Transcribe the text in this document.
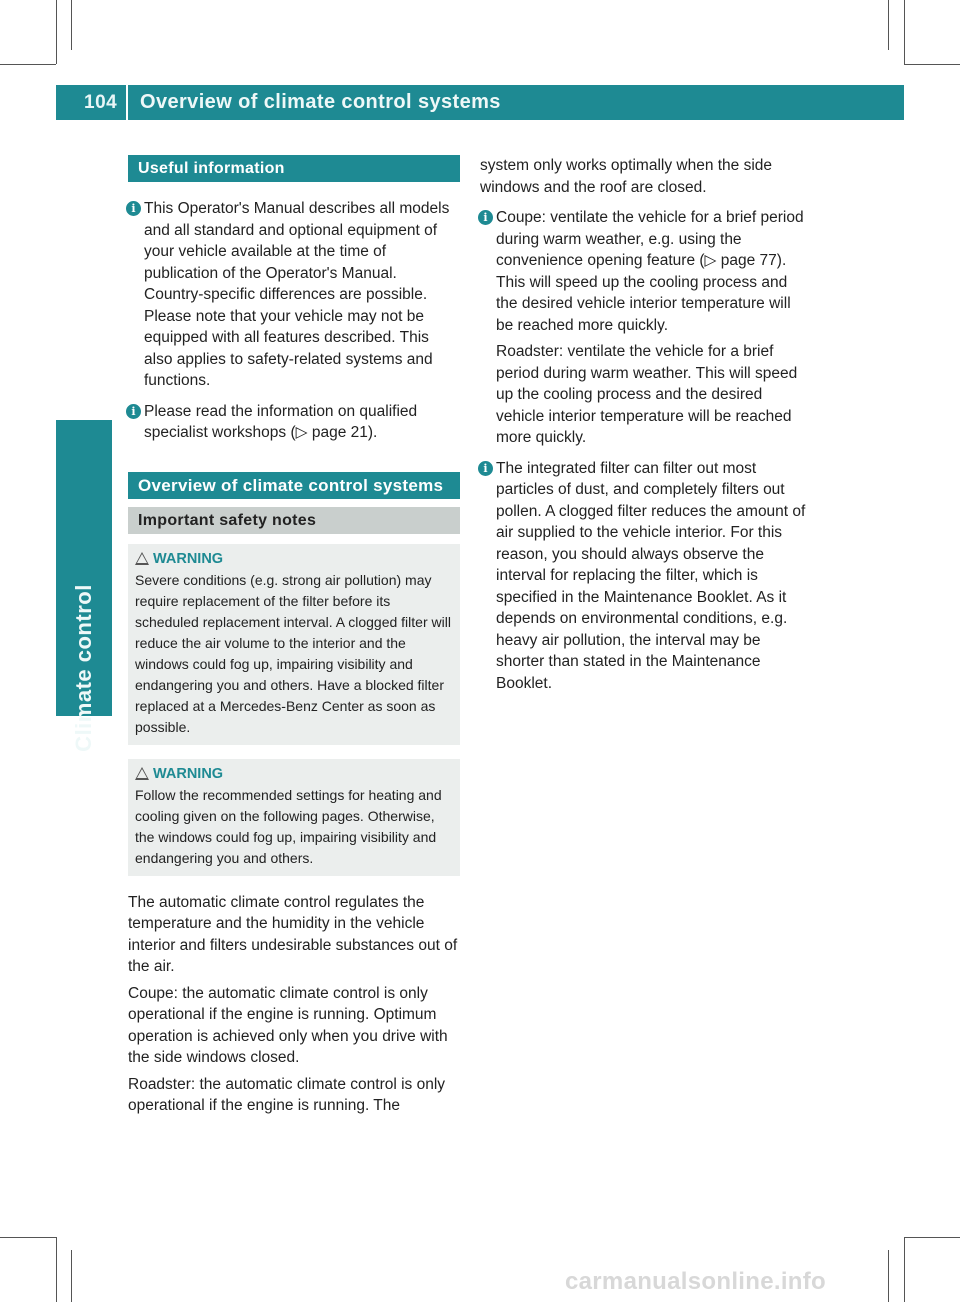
104 Overview of climate control systems
Climate control
Useful information
i This Operator's Manual describes all models and all standard and optional equipment of your vehicle available at the time of publication of the Operator's Manual. Country-specific differences are possible. Please note that your vehicle may not be equipped with all features described. This also applies to safety-related systems and functions.
i Please read the information on qualified specialist workshops (▷ page 21).
Overview of climate control systems
Important safety notes
WARNING
Severe conditions (e.g. strong air pollution) may require replacement of the filter before its scheduled replacement interval. A clogged filter will reduce the air volume to the interior and the windows could fog up, impairing visibility and endangering you and others. Have a blocked filter replaced at a Mercedes-Benz Center as soon as possible.
WARNING
Follow the recommended settings for heating and cooling given on the following pages. Otherwise, the windows could fog up, impairing visibility and endangering you and others.
The automatic climate control regulates the temperature and the humidity in the vehicle interior and filters undesirable substances out of the air.
Coupe: the automatic climate control is only operational if the engine is running. Optimum operation is achieved only when you drive with the side windows closed.
Roadster: the automatic climate control is only operational if the engine is running. The
system only works optimally when the side windows and the roof are closed.
i Coupe: ventilate the vehicle for a brief period during warm weather, e.g. using the convenience opening feature (▷ page 77). This will speed up the cooling process and the desired vehicle interior temperature will be reached more quickly.
Roadster: ventilate the vehicle for a brief period during warm weather. This will speed up the cooling process and the desired vehicle interior temperature will be reached more quickly.
i The integrated filter can filter out most particles of dust, and completely filters out pollen. A clogged filter reduces the amount of air supplied to the vehicle interior. For this reason, you should always observe the interval for replacing the filter, which is specified in the Maintenance Booklet. As it depends on environmental conditions, e.g. heavy air pollution, the interval may be shorter than stated in the Maintenance Booklet.
carmanualsonline.info
